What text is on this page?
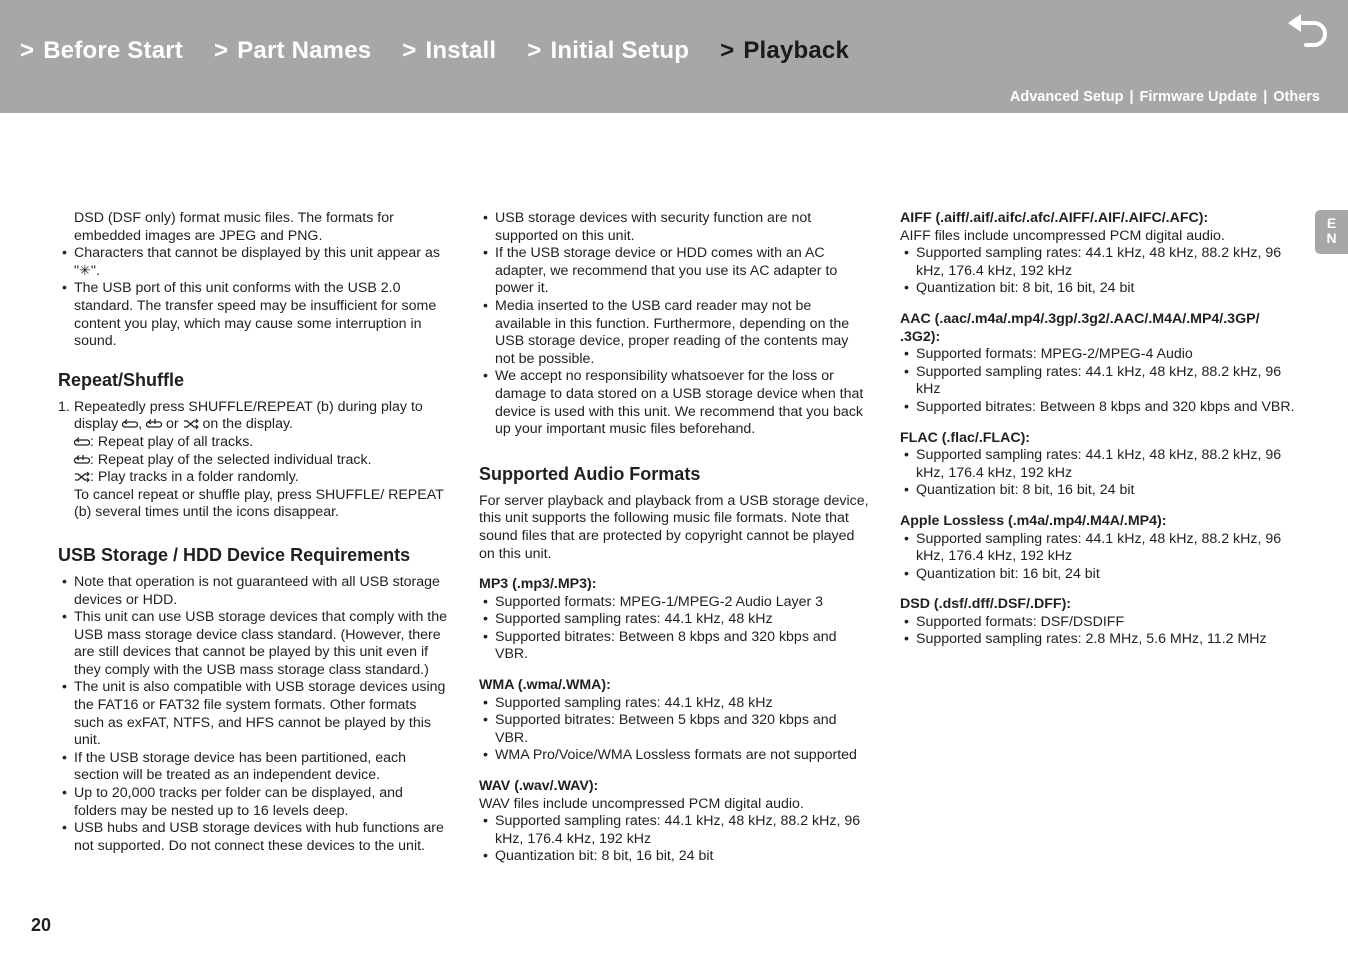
> Before Start > Part Names > Install > Initial Setup > Playback
Advanced Setup | Firmware Update | Others
E
N

DSD (DSF only) format music files. The formats for embedded images are JPEG and PNG.

• Characters that cannot be displayed by this unit appear as "✳".
• The USB port of this unit conforms with the USB 2.0 standard. The transfer speed may be insufficient for some content you play, which may cause some interruption in sound.
Repeat/Shuffle
1. Repeatedly press SHUFFLE/REPEAT (b) during play to
display , or on the display.
: Repeat play of all tracks.
: Repeat play of the selected individual track.
: Play tracks in a folder randomly.
To cancel repeat or shuffle play, press SHUFFLE/ REPEAT (b) several times until the icons disappear.
USB Storage / HDD Device Requirements
• Note that operation is not guaranteed with all USB storage devices or HDD.
• This unit can use USB storage devices that comply with the USB mass storage device class standard. (However, there are still devices that cannot be played by this unit even if they comply with the USB mass storage class standard.)
• The unit is also compatible with USB storage devices using the FAT16 or FAT32 file system formats. Other formats such as exFAT, NTFS, and HFS cannot be played by this unit.
• If the USB storage device has been partitioned, each section will be treated as an independent device.
• Up to 20,000 tracks per folder can be displayed, and folders may be nested up to 16 levels deep.
• USB hubs and USB storage devices with hub functions are not supported. Do not connect these devices to the unit.
• USB storage devices with security function are not supported on this unit.
• If the USB storage device or HDD comes with an AC adapter, we recommend that you use its AC adapter to power it.
• Media inserted to the USB card reader may not be available in this function. Furthermore, depending on the USB storage device, proper reading of the contents may not be possible.
• We accept no responsibility whatsoever for the loss or damage to data stored on a USB storage device when that device is used with this unit. We recommend that you back up your important music files beforehand.
Supported Audio Formats

For server playback and playback from a USB storage device, this unit supports the following music file formats. Note that sound files that are protected by copyright cannot be played on this unit.

MP3 (.mp3/.MP3):
• Supported formats: MPEG-1/MPEG-2 Audio Layer 3
• Supported sampling rates: 44.1 kHz, 48 kHz
• Supported bitrates: Between 8 kbps and 320 kbps and VBR.
WMA (.wma/.WMA):
• Supported sampling rates: 44.1 kHz, 48 kHz
• Supported bitrates: Between 5 kbps and 320 kbps and VBR.
• WMA Pro/Voice/WMA Lossless formats are not supported
WAV (.wav/.WAV):

WAV files include uncompressed PCM digital audio.

• Supported sampling rates: 44.1 kHz, 48 kHz, 88.2 kHz, 96 kHz, 176.4 kHz, 192 kHz
• Quantization bit: 8 bit, 16 bit, 24 bit
AIFF (.aiff/.aif/.aifc/.afc/.AIFF/.AIF/.AIFC/.AFC):

AIFF files include uncompressed PCM digital audio.

• Supported sampling rates: 44.1 kHz, 48 kHz, 88.2 kHz, 96 kHz, 176.4 kHz, 192 kHz
• Quantization bit: 8 bit, 16 bit, 24 bit
AAC (.aac/.m4a/.mp4/.3gp/.3g2/.AAC/.M4A/.MP4/.3GP/ .3G2):
• Supported formats: MPEG-2/MPEG-4 Audio
• Supported sampling rates: 44.1 kHz, 48 kHz, 88.2 kHz, 96 kHz
• Supported bitrates: Between 8 kbps and 320 kbps and VBR.
FLAC (.flac/.FLAC):
• Supported sampling rates: 44.1 kHz, 48 kHz, 88.2 kHz, 96 kHz, 176.4 kHz, 192 kHz
• Quantization bit: 8 bit, 16 bit, 24 bit
Apple Lossless (.m4a/.mp4/.M4A/.MP4):
• Supported sampling rates: 44.1 kHz, 48 kHz, 88.2 kHz, 96 kHz, 176.4 kHz, 192 kHz
• Quantization bit: 16 bit, 24 bit
DSD (.dsf/.dff/.DSF/.DFF):
• Supported formats: DSF/DSDIFF
• Supported sampling rates: 2.8 MHz, 5.6 MHz, 11.2 MHz
20
